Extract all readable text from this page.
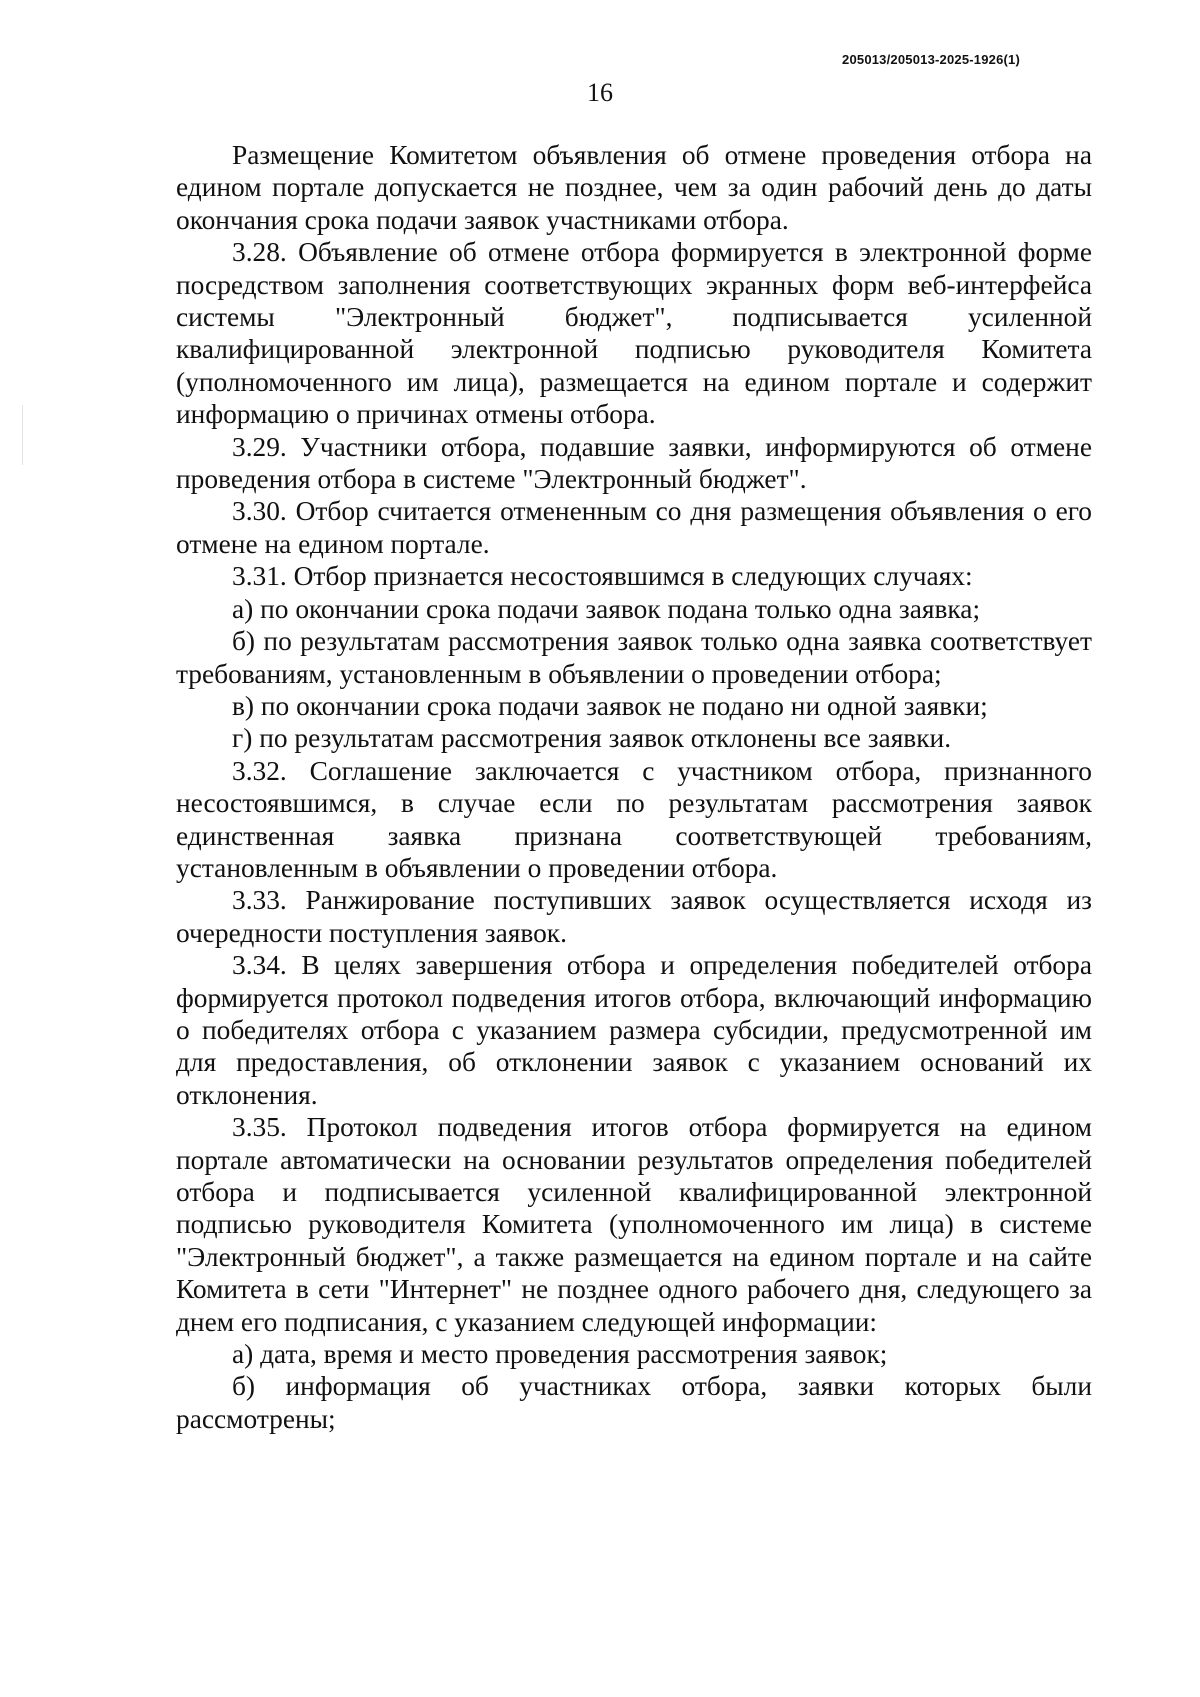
205013/205013-2025-1926(1)
16

Размещение Комитетом объявления об отмене проведения отбора на едином портале допускается не позднее, чем за один рабочий день до даты окончания срока подачи заявок участниками отбора.

3.28. Объявление об отмене отбора формируется в электронной форме посредством заполнения соответствующих экранных форм веб-интерфейса системы "Электронный бюджет", подписывается усиленной квалифицированной электронной подписью руководителя Комитета (уполномоченного им лица), размещается на едином портале и содержит информацию о причинах отмены отбора.

3.29. Участники отбора, подавшие заявки, информируются об отмене проведения отбора в системе "Электронный бюджет".

3.30. Отбор считается отмененным со дня размещения объявления о его отмене на едином портале.

3.31. Отбор признается несостоявшимся в следующих случаях:

а) по окончании срока подачи заявок подана только одна заявка;

б) по результатам рассмотрения заявок только одна заявка соответствует требованиям, установленным в объявлении о проведении отбора;

в) по окончании срока подачи заявок не подано ни одной заявки;

г) по результатам рассмотрения заявок отклонены все заявки.

3.32. Соглашение заключается с участником отбора, признанного несостоявшимся, в случае если по результатам рассмотрения заявок единственная заявка признана соответствующей требованиям, установленным в объявлении о проведении отбора.

3.33. Ранжирование поступивших заявок осуществляется исходя из очередности поступления заявок.

3.34. В целях завершения отбора и определения победителей отбора формируется протокол подведения итогов отбора, включающий информацию о победителях отбора с указанием размера субсидии, предусмотренной им для предоставления, об отклонении заявок с указанием оснований их отклонения.

3.35. Протокол подведения итогов отбора формируется на едином портале автоматически на основании результатов определения победителей отбора и подписывается усиленной квалифицированной электронной подписью руководителя Комитета (уполномоченного им лица) в системе "Электронный бюджет", а также размещается на едином портале и на сайте Комитета в сети "Интернет" не позднее одного рабочего дня, следующего за днем его подписания, с указанием следующей информации:

а) дата, время и место проведения рассмотрения заявок;

б) информация об участниках отбора, заявки которых были рассмотрены;
